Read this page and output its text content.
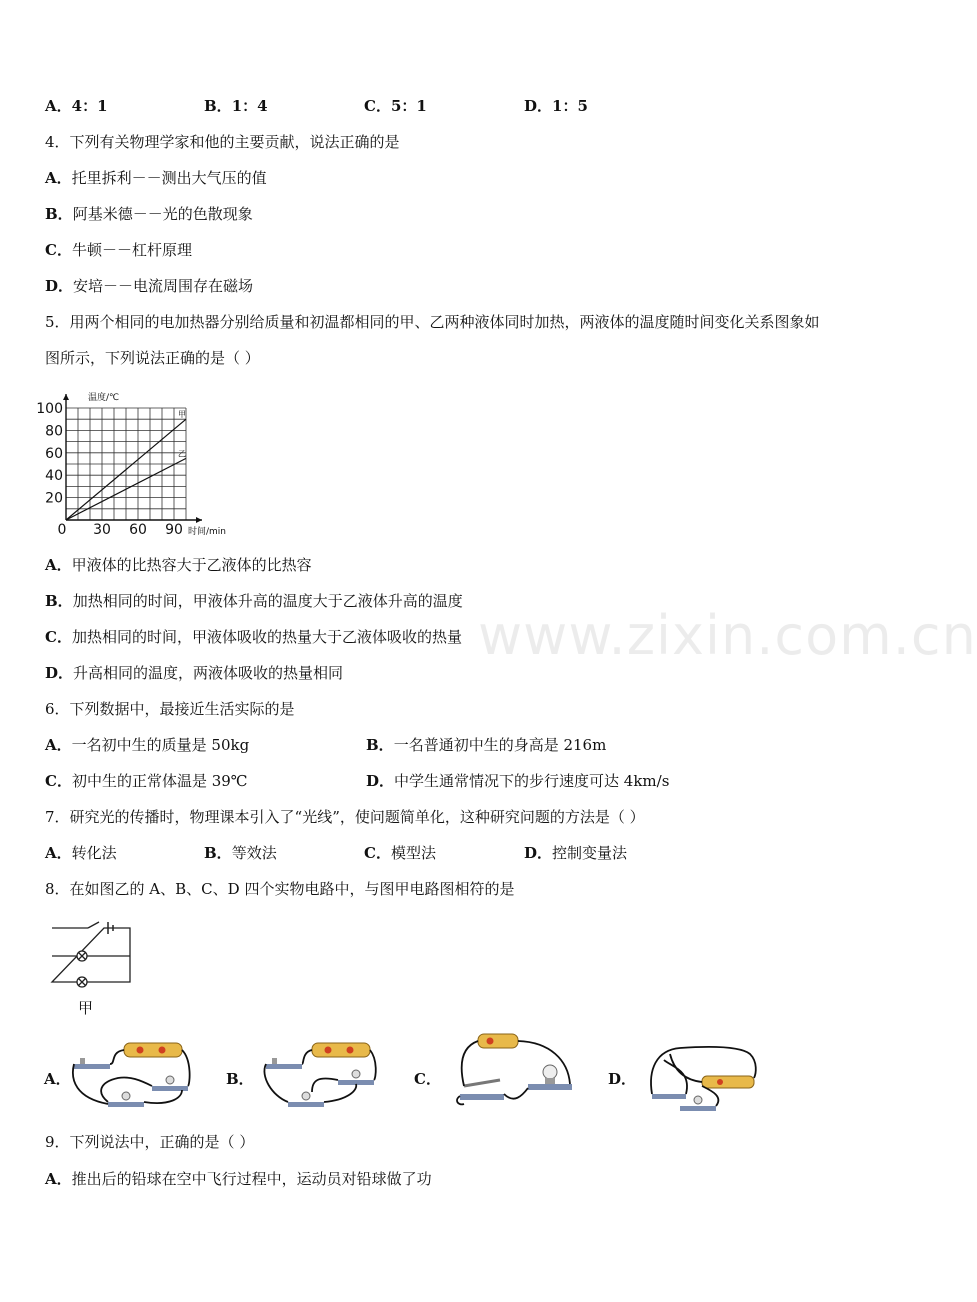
www.zixin.com.cn
A．4：1	B．1：4	C．5：1	D．1：5
4．下列有关物理学家和他的主要贡献，说法正确的是
A．托里拆利－－测出大气压的值
B．阿基米德－－光的色散现象
C．牛顿－－杠杆原理
D．安培－－电流周围存在磁场
5．用两个相同的电加热器分别给质量和初温都相同的甲、乙两种液体同时加热，两液体的温度随时间变化关系图象如
图所示，下列说法正确的是（ ）
甲
乙
20
40
60
80
100
0 30 60 90
温度/℃
时间/min
A．甲液体的比热容大于乙液体的比热容
B．加热相同的时间，甲液体升高的温度大于乙液体升高的温度
C．加热相同的时间，甲液体吸收的热量大于乙液体吸收的热量
D．升高相同的温度，两液体吸收的热量相同
6．下列数据中，最接近生活实际的是
A．一名初中生的质量是 50kg	B．一名普通初中生的身高是 216m
C．初中生的正常体温是 39℃	D．中学生通常情况下的步行速度可达 4km/s
7．研究光的传播时，物理课本引入了“光线”，使问题简单化，这种研究问题的方法是（ ）
A．转化法	B．等效法	C．模型法	D．控制变量法
8．在如图乙的 A、B、C、D 四个实物电路中，与图甲电路图相符的是
甲
A．	B．	C．	D．
9．下列说法中，正确的是（ ）
A．推出后的铅球在空中飞行过程中，运动员对铅球做了功
